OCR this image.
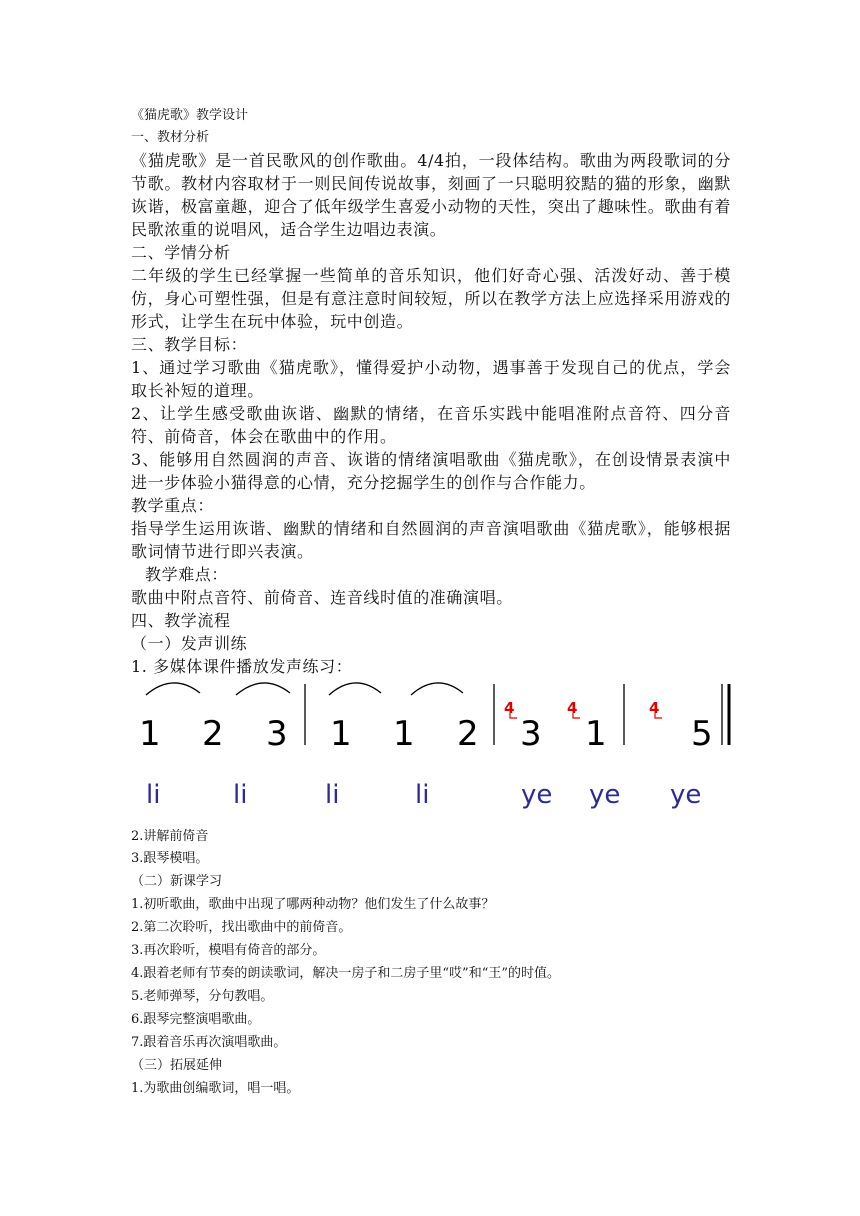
《猫虎歌》教学设计
一、教材分析
《猫虎歌》是一首民歌风的创作歌曲。4/4拍，一段体结构。歌曲为两段歌词的分节歌。教材内容取材于一则民间传说故事，刻画了一只聪明狡黠的猫的形象，幽默诙谐，极富童趣，迎合了低年级学生喜爱小动物的天性，突出了趣味性。歌曲有着民歌浓重的说唱风，适合学生边唱边表演。
二、学情分析
二年级的学生已经掌握一些简单的音乐知识，他们好奇心强、活泼好动、善于模仿，身心可塑性强，但是有意注意时间较短，所以在教学方法上应选择采用游戏的形式，让学生在玩中体验，玩中创造。
三、教学目标：
1、通过学习歌曲《猫虎歌》，懂得爱护小动物，遇事善于发现自己的优点，学会取长补短的道理。
2、让学生感受歌曲诙谐、幽默的情绪，在音乐实践中能唱准附点音符、四分音符、前倚音，体会在歌曲中的作用。
3、能够用自然圆润的声音、诙谐的情绪演唱歌曲《猫虎歌》，在创设情景表演中进一步体验小猫得意的心情，充分挖掘学生的创作与合作能力。
教学重点：
指导学生运用诙谐、幽默的情绪和自然圆润的声音演唱歌曲《猫虎歌》，能够根据歌词情节进行即兴表演。
教学难点：
歌曲中附点音符、前倚音、连音线时值的准确演唱。
四、教学流程
（一）发声训练
1. 多媒体课件播放发声练习：
2.讲解前倚音
3.跟琴模唱。
（二）新课学习
1.初听歌曲，歌曲中出现了哪两种动物？他们发生了什么故事？
2.第二次聆听，找出歌曲中的前倚音。
3.再次聆听，模唱有倚音的部分。
4.跟着老师有节奏的朗读歌词，解决一房子和二房子里“哎”和“王”的时值。
5.老师弹琴，分句教唱。
6.跟琴完整演唱歌曲。
7.跟着音乐再次演唱歌曲。
（三）拓展延伸
1.为歌曲创编歌词，唱一唱。
1 2 3 1 1 2 3 1 5
4	4	4
li	li	li	li	ye ye ye
